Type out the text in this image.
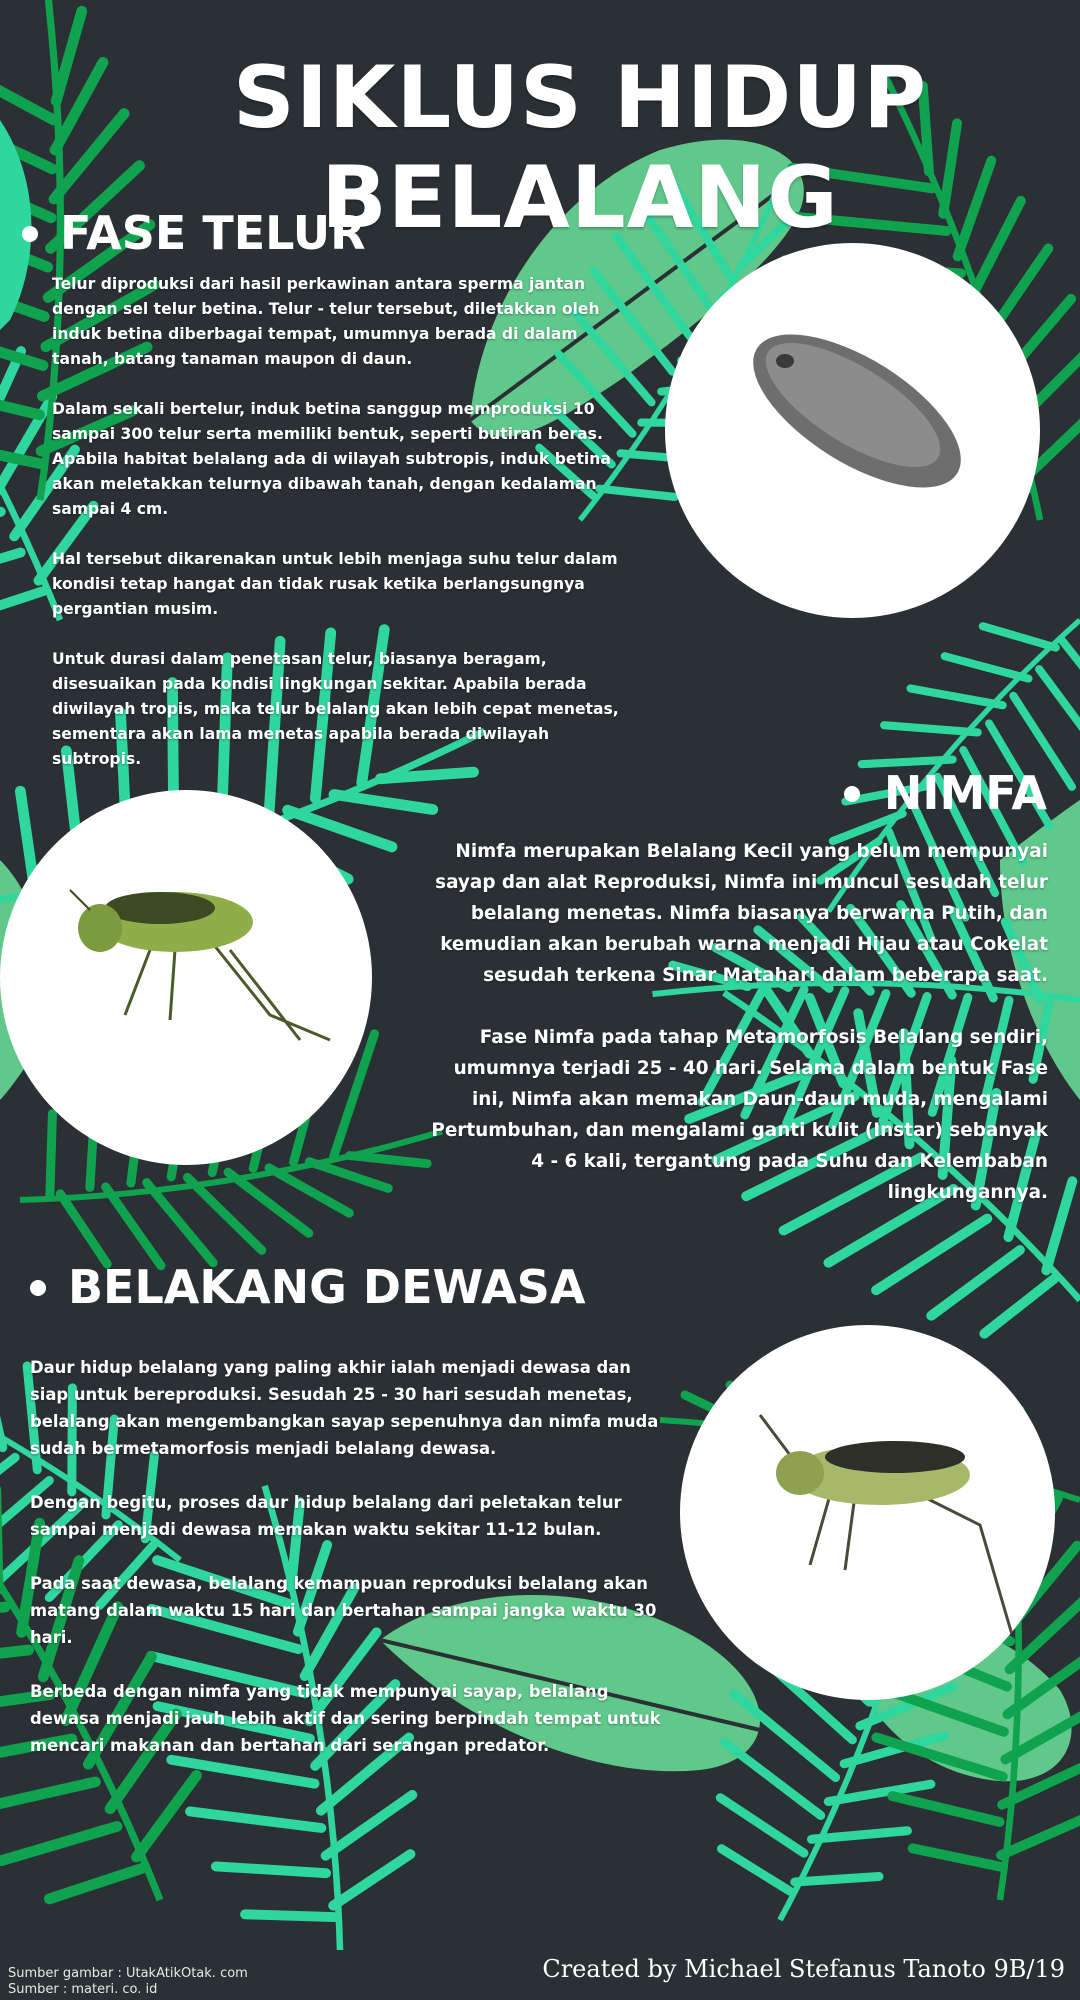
SIKLUS HIDUP BELALANG
FASE TELUR

Telur diproduksi dari hasil perkawinan antara sperma jantan dengan sel telur betina. Telur - telur tersebut, diletakkan oleh induk betina diberbagai tempat, umumnya berada di dalam tanah, batang tanaman maupon di daun.

Dalam sekali bertelur, induk betina sanggup memproduksi 10 sampai 300 telur serta memiliki bentuk, seperti butiran beras. Apabila habitat belalang ada di wilayah subtropis, induk betina akan meletakkan telurnya dibawah tanah, dengan kedalaman sampai 4 cm.

Hal tersebut dikarenakan untuk lebih menjaga suhu telur dalam kondisi tetap hangat dan tidak rusak ketika berlangsungnya pergantian musim.

Untuk durasi dalam penetasan telur, biasanya beragam, disesuaikan pada kondisi lingkungan sekitar. Apabila berada diwilayah tropis, maka telur belalang akan lebih cepat menetas, sementara akan lama menetas apabila berada diwilayah subtropis.

NIMFA

Nimfa merupakan Belalang Kecil yang belum mempunyai sayap dan alat Reproduksi, Nimfa ini muncul sesudah telur belalang menetas. Nimfa biasanya berwarna Putih, dan kemudian akan berubah warna menjadi Hijau atau Cokelat sesudah terkena Sinar Matahari dalam beberapa saat.

Fase Nimfa pada tahap Metamorfosis Belalang sendiri, umumnya terjadi 25 - 40 hari. Selama dalam bentuk Fase ini, Nimfa akan memakan Daun-daun muda, mengalami Pertumbuhan, dan mengalami ganti kulit (Instar) sebanyak 4 - 6 kali, tergantung pada Suhu dan Kelembaban lingkungannya.

BELAKANG DEWASA

Daur hidup belalang yang paling akhir ialah menjadi dewasa dan siap untuk bereproduksi. Sesudah 25 - 30 hari sesudah menetas, belalang akan mengembangkan sayap sepenuhnya dan nimfa muda sudah bermetamorfosis menjadi belalang dewasa.

Dengan begitu, proses daur hidup belalang dari peletakan telur sampai menjadi dewasa memakan waktu sekitar 11-12 bulan.

Pada saat dewasa, belalang kemampuan reproduksi belalang akan matang dalam waktu 15 hari dan bertahan sampai jangka waktu 30 hari.

Berbeda dengan nimfa yang tidak mempunyai sayap, belalang dewasa menjadi jauh lebih aktif dan sering berpindah tempat untuk mencari makanan dan bertahan dari serangan predator.

Created by Michael Stefanus Tanoto 9B/19
Sumber gambar : UtakAtikOtak. com
Sumber : materi. co. id
